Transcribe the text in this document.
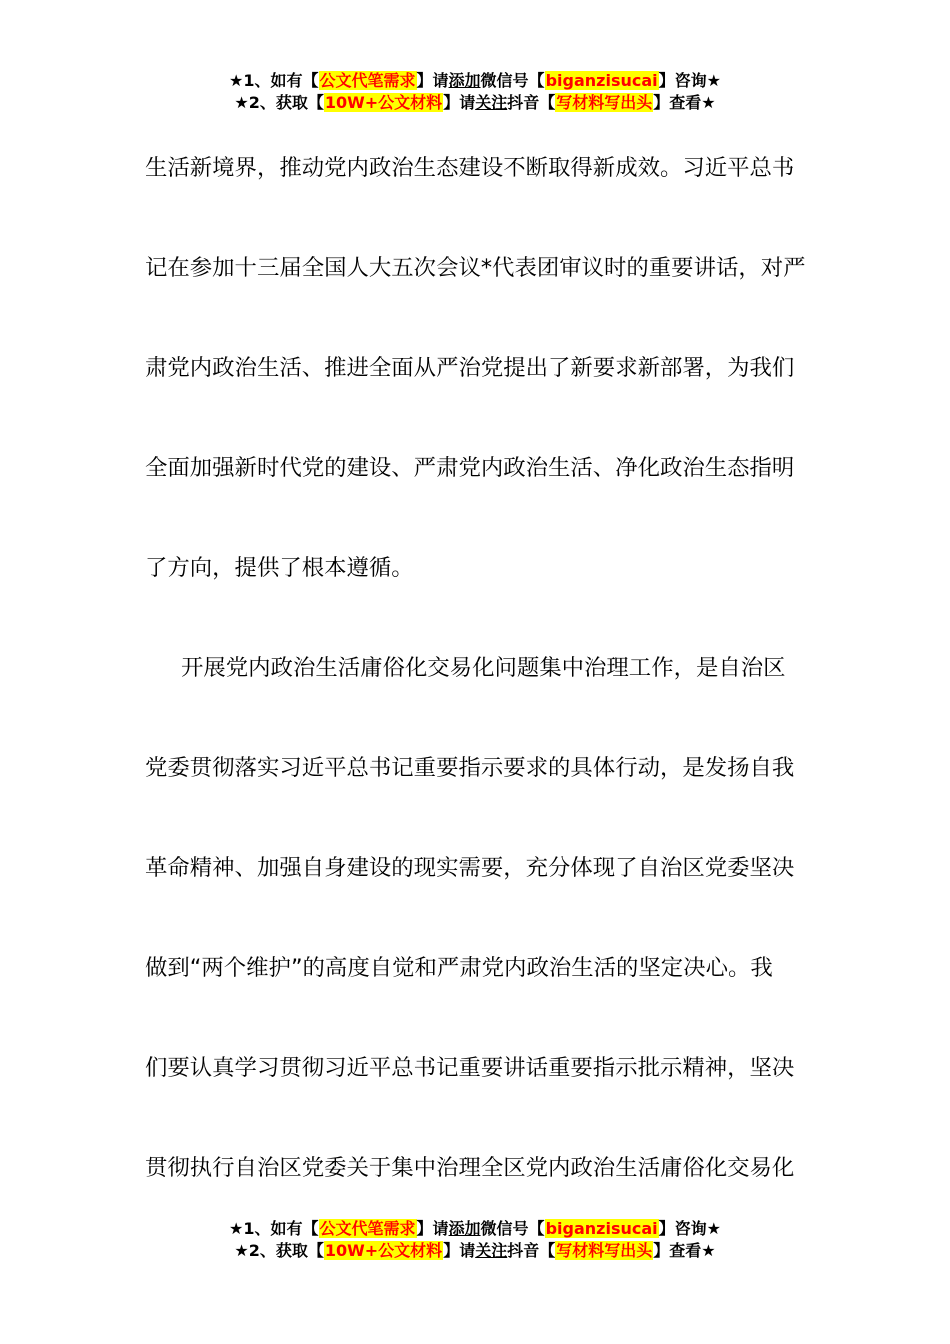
★1、如有【公文代笔需求】请添加微信号【biganzisucai】咨询★
★2、获取【10W+公文材料】请关注抖音【写材料写出头】查看★
生活新境界，推动党内政治生态建设不断取得新成效。习近平总书
记在参加十三届全国人大五次会议*代表团审议时的重要讲话，对严
肃党内政治生活、推进全面从严治党提出了新要求新部署，为我们
全面加强新时代党的建设、严肃党内政治生活、净化政治生态指明
了方向，提供了根本遵循。
开展党内政治生活庸俗化交易化问题集中治理工作，是自治区
党委贯彻落实习近平总书记重要指示要求的具体行动，是发扬自我
革命精神、加强自身建设的现实需要，充分体现了自治区党委坚决
做到“两个维护”的高度自觉和严肃党内政治生活的坚定决心。我
们要认真学习贯彻习近平总书记重要讲话重要指示批示精神，坚决
贯彻执行自治区党委关于集中治理全区党内政治生活庸俗化交易化
★1、如有【公文代笔需求】请添加微信号【biganzisucai】咨询★
★2、获取【10W+公文材料】请关注抖音【写材料写出头】查看★
